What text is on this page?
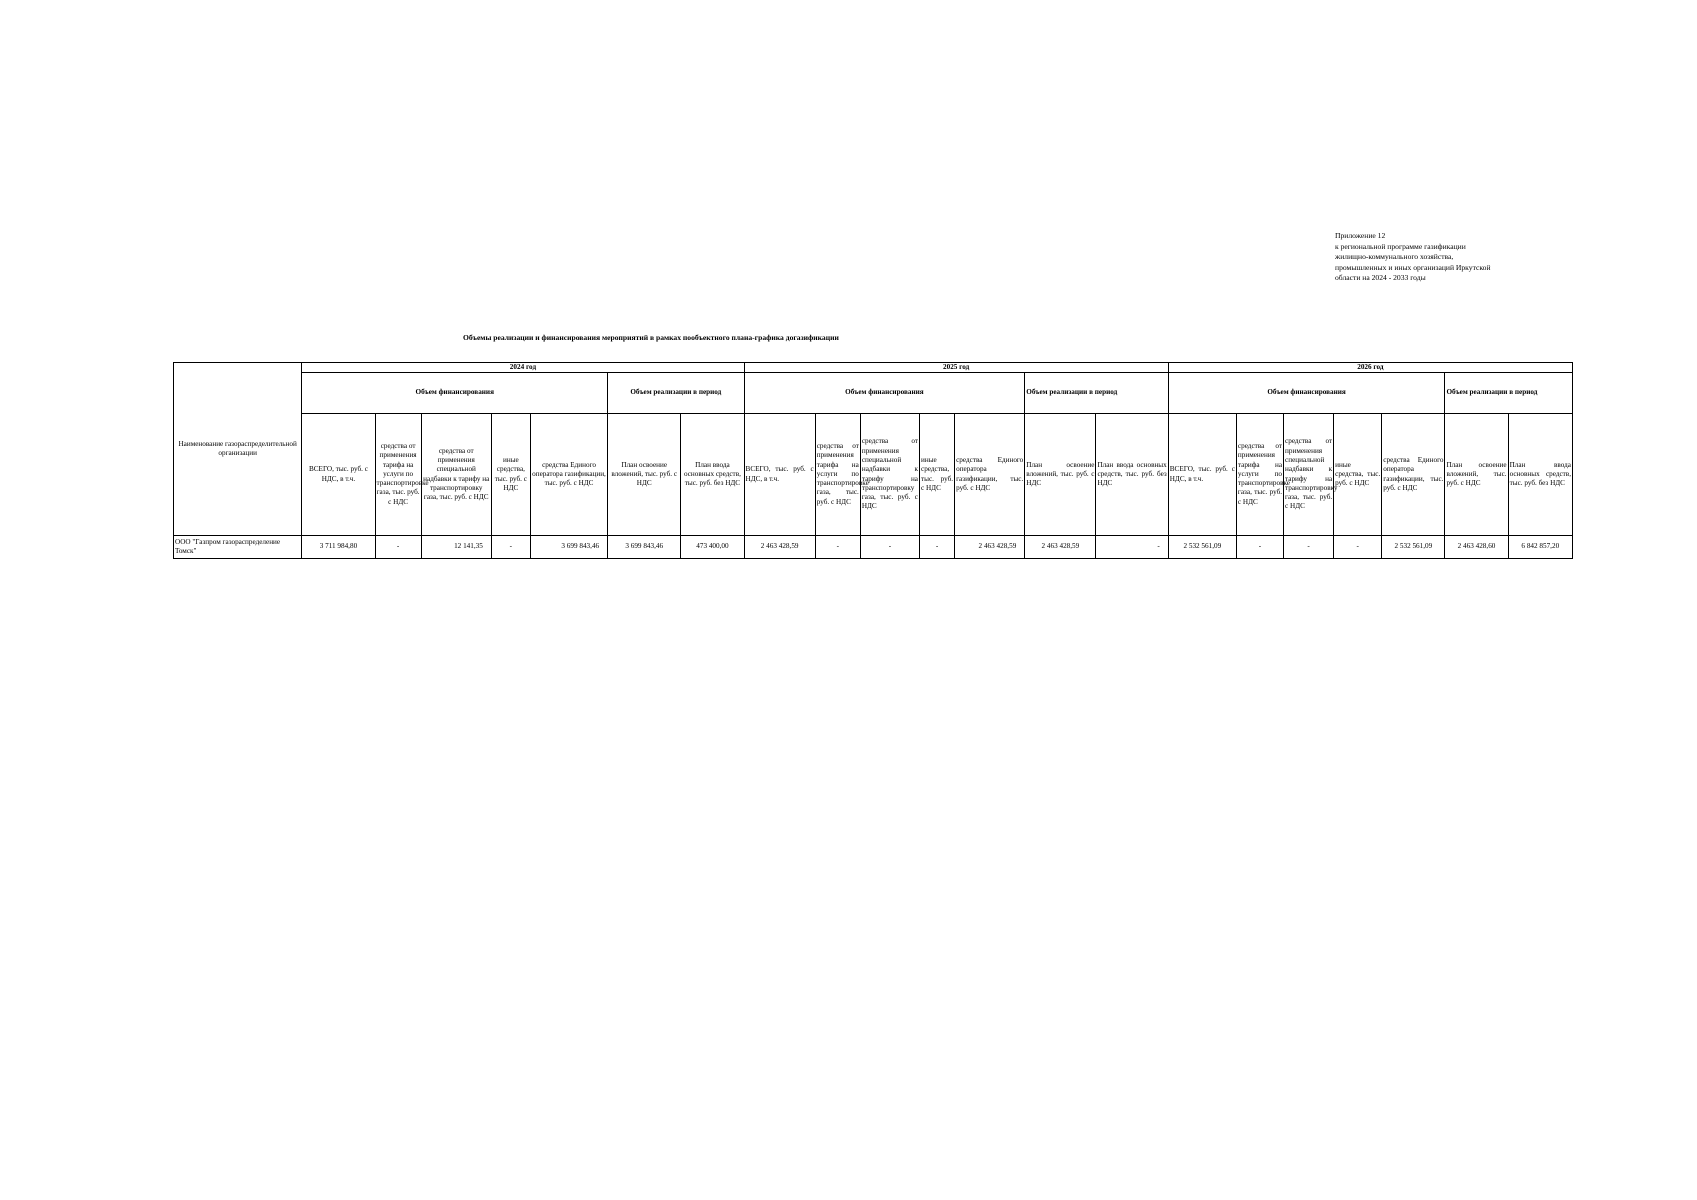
Приложение 12
к региональной программе газификации
жилищно-коммунального хозяйства,
промышленных и иных организаций Иркутской
области на 2024 - 2033 годы
Объемы реализации и финансирования мероприятий в рамках пообъектного плана-графика догазификации
Наименование газораспределительной организации	2024 год							2025 год							2026 год						
	Объем финансирования					Объем реализации в период		Объем финансирования					Объем реализации в период		Объем финансирования					Объем реализации в период	
	ВСЕГО, тыс. руб. с НДС, в т.ч.	средства от применения тарифа на услуги по транспортировке газа, тыс. руб. с НДС	средства от применения специальной надбавки к тарифу на транспортировку газа, тыс. руб. с НДС	иные средства, тыс. руб. с НДС	средства Единого оператора газификации, тыс. руб. с НДС	План освоение вложений, тыс. руб. с НДС	План ввода основных средств, тыс. руб. без НДС	ВСЕГО, тыс. руб. с НДС, в т.ч.	средства от применения тарифа на услуги по транспортировке газа, тыс. руб. с НДС	средства от применения специальной надбавки к тарифу на транспортировку газа, тыс. руб. с НДС	иные средства, тыс. руб. с НДС	средства Единого оператора газификации, тыс. руб. с НДС	План освоение вложений, тыс. руб. с НДС	План ввода основных средств, тыс. руб. без НДС	ВСЕГО, тыс. руб. с НДС, в т.ч.	средства от применения тарифа на услуги по транспортировке газа, тыс. руб. с НДС	средства от применения специальной надбавки к тарифу на транспортировку газа, тыс. руб. с НДС	иные средства, тыс. руб. с НДС	средства Единого оператора газификации, тыс. руб. с НДС	План освоение вложений, тыс. руб. с НДС	План ввода основных средств, тыс. руб. без НДС
ООО "Газпром газораспределение Томск"	3 711 984,80	-	12 141,35	-	3 699 843,46	3 699 843,46	473 400,00	2 463 428,59	-	-	-	2 463 428,59	2 463 428,59	-	2 532 561,09	-	-	-	2 532 561,09	2 463 428,60	6 842 857,20
